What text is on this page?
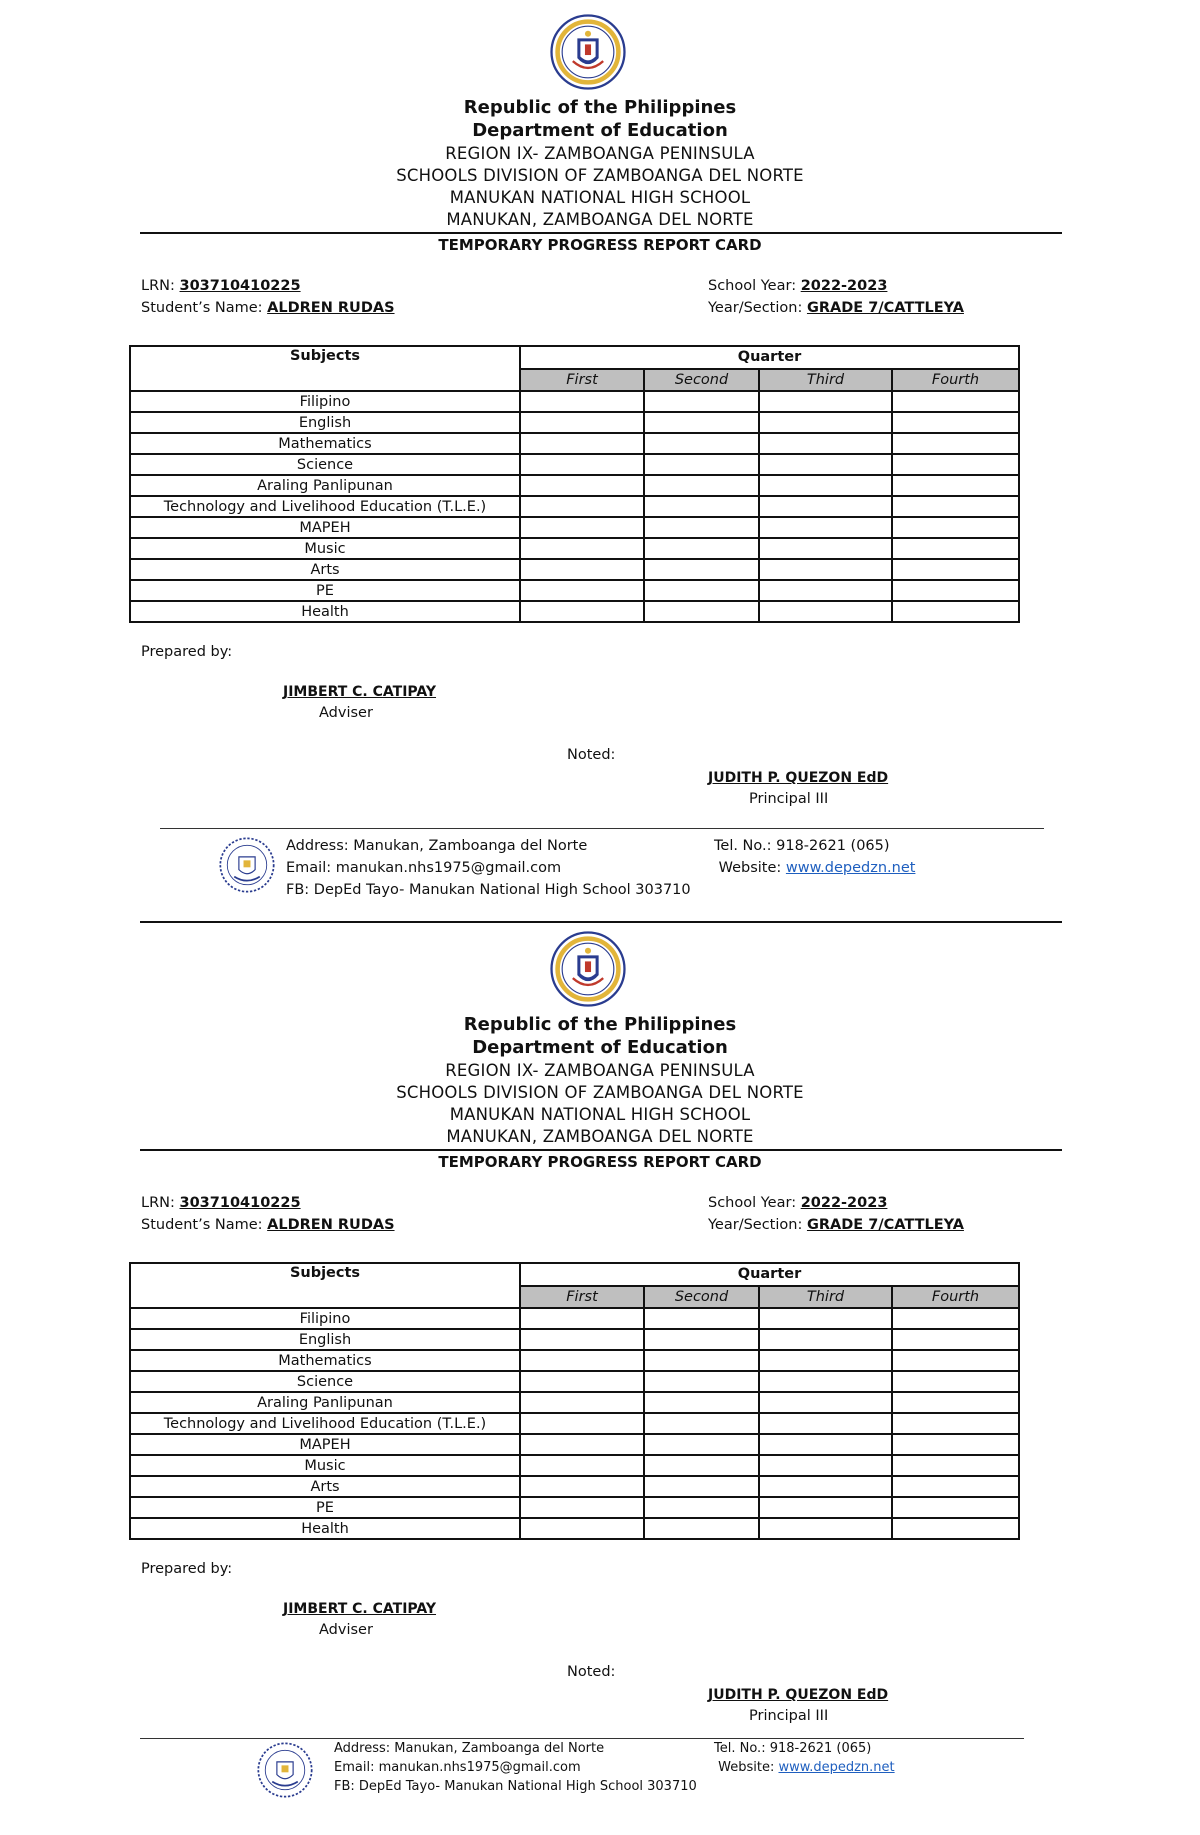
Republic of the Philippines
Department of Education
REGION IX- ZAMBOANGA PENINSULA
SCHOOLS DIVISION OF ZAMBOANGA DEL NORTE
MANUKAN NATIONAL HIGH SCHOOL
MANUKAN, ZAMBOANGA DEL NORTE
TEMPORARY PROGRESS REPORT CARD
LRN: 303710410225
Student’s Name: ALDREN RUDAS
School Year: 2022-2023
Year/Section: GRADE 7/CATTLEYA
Subjects	Quarter			
	First	Second	Third	Fourth
Filipino				
English				
Mathematics				
Science				
Araling Panlipunan				
Technology and Livelihood Education (T.L.E.)				
MAPEH				
Music				
Arts				
PE				
Health				
Prepared by:
JIMBERT C. CATIPAY
Adviser
Noted:
JUDITH P. QUEZON EdD
Principal III
Address: Manukan, Zamboanga del Norte
Email: manukan.nhs1975@gmail.com
FB: DepEd Tayo- Manukan National High School 303710
Tel. No.: 918-2621 (065)
Website: www.depedzn.net
Republic of the Philippines
Department of Education
REGION IX- ZAMBOANGA PENINSULA
SCHOOLS DIVISION OF ZAMBOANGA DEL NORTE
MANUKAN NATIONAL HIGH SCHOOL
MANUKAN, ZAMBOANGA DEL NORTE
TEMPORARY PROGRESS REPORT CARD
LRN: 303710410225
Student’s Name: ALDREN RUDAS
School Year: 2022-2023
Year/Section: GRADE 7/CATTLEYA
Subjects	Quarter			
	First	Second	Third	Fourth
Filipino				
English				
Mathematics				
Science				
Araling Panlipunan				
Technology and Livelihood Education (T.L.E.)				
MAPEH				
Music				
Arts				
PE				
Health				
Prepared by:
JIMBERT C. CATIPAY
Adviser
Noted:
JUDITH P. QUEZON EdD
Principal III
Address: Manukan, Zamboanga del Norte
Email: manukan.nhs1975@gmail.com
FB: DepEd Tayo- Manukan National High School 303710
Tel. No.: 918-2621 (065)
Website: www.depedzn.net
